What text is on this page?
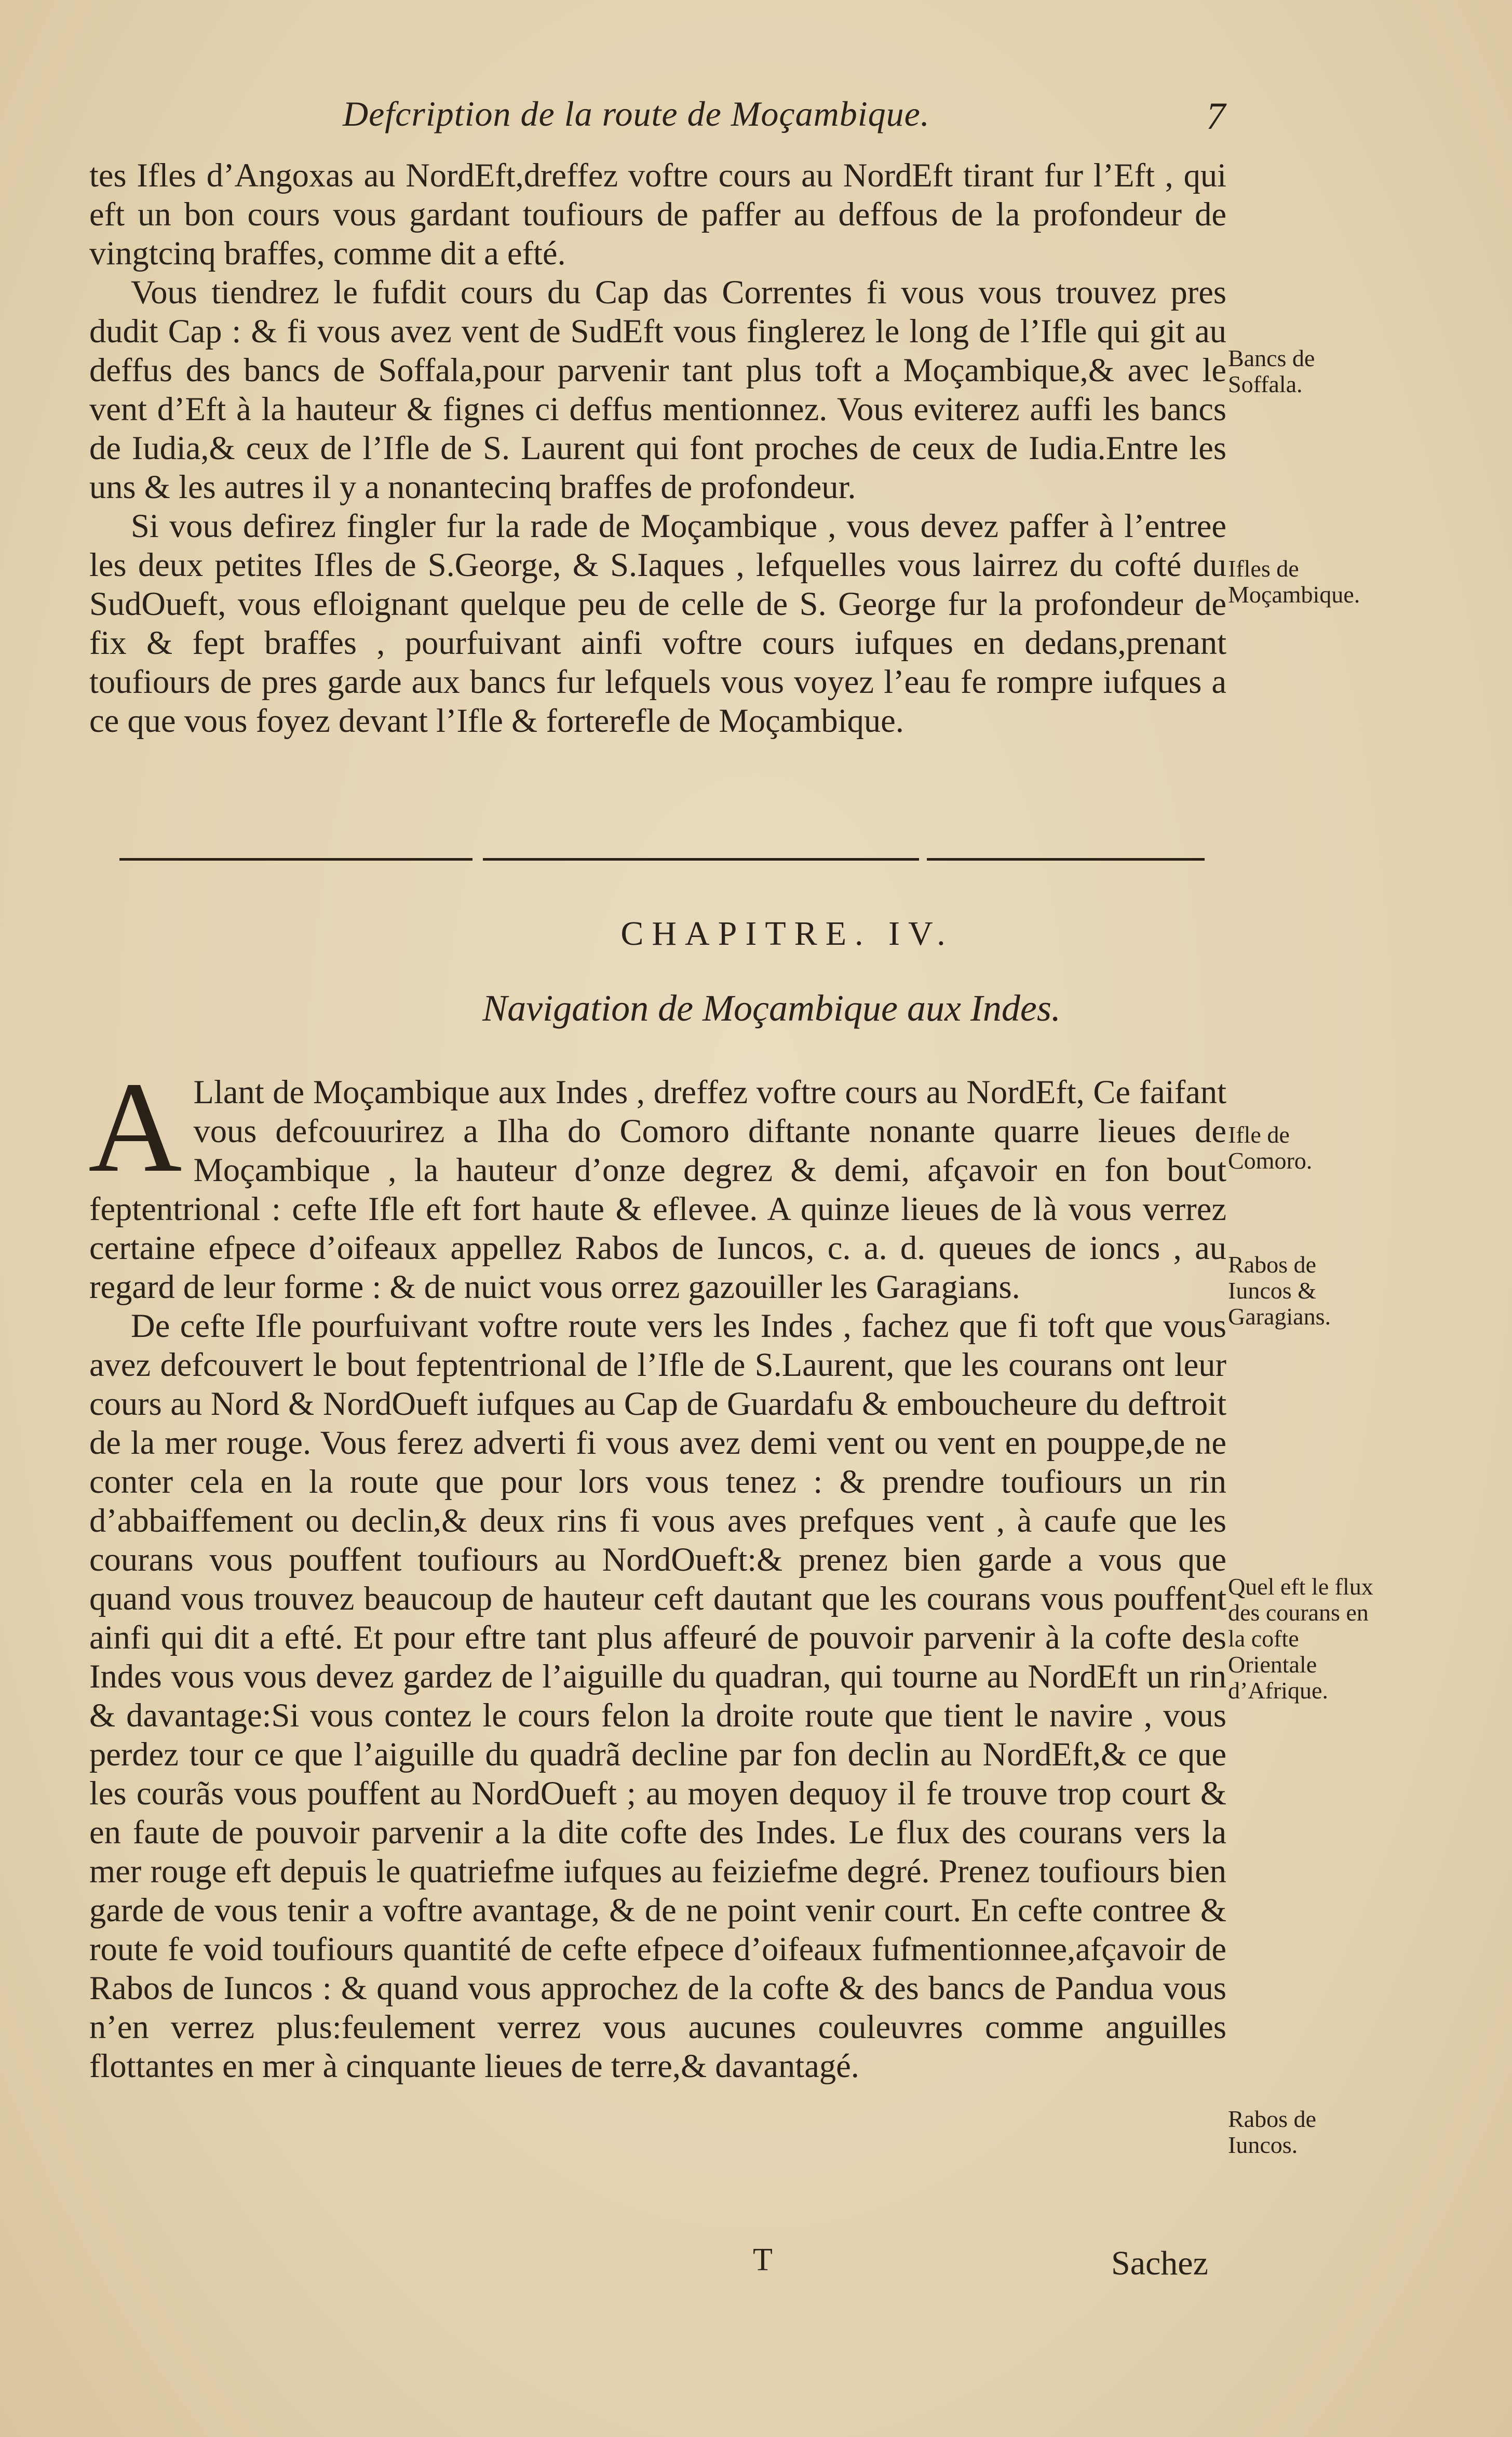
Defcription de la route de Moçambique.	7

tes Ifles d’Angoxas au NordEft,dreffez voftre cours au NordEft tirant fur l’Eft , qui eft un bon cours vous gardant toufiours de paffer au deffous de la profondeur de vingtcinq braffes, comme dit a efté.

Vous tiendrez le fufdit cours du Cap das Correntes fi vous vous trouvez pres dudit Cap : & fi vous avez vent de SudEft vous finglerez le long de l’Ifle qui git au deffus des bancs de Soffala,pour parvenir tant plus toft a Moçambique,& avec le vent d’Eft à la hauteur & fignes ci deffus mentionnez. Vous eviterez auffi les bancs de Iudia,& ceux de l’Ifle de S. Laurent qui font proches de ceux de Iudia.Entre les uns & les autres il y a nonantecinq braffes de profondeur.

Si vous defirez fingler fur la rade de Moçambique , vous devez paffer à l’entree les deux petites Ifles de S.George, & S.Iaques , lefquelles vous lairrez du cofté du SudOueft, vous efloignant quelque peu de celle de S. George fur la profondeur de fix & fept braffes , pourfuivant ainfi voftre cours iufques en dedans,prenant toufiours de pres garde aux bancs fur lefquels vous voyez l’eau fe rompre iufques a ce que vous foyez devant l’Ifle & forterefle de Moçambique.

Bancs de Soffala.
Ifles de Moçambique.
CHAPITRE. IV.
Navigation de Moçambique aux Indes.

A Llant de Moçambique aux Indes , dreffez voftre cours au NordEft, Ce faifant vous defcouurirez a Ilha do Comoro diftante nonante quarre lieues de Moçambique , la hauteur d’onze degrez & demi, afçavoir en fon bout feptentrional : cefte Ifle eft fort haute & eflevee. A quinze lieues de là vous verrez certaine efpece d’oifeaux appellez Rabos de Iuncos, c. a. d. queues de ioncs , au regard de leur forme : & de nuict vous orrez gazouiller les Garagians.

De cefte Ifle pourfuivant voftre route vers les Indes , fachez que fi toft que vous avez defcouvert le bout feptentrional de l’Ifle de S.Laurent, que les courans ont leur cours au Nord & NordOueft iufques au Cap de Guardafu & emboucheure du deftroit de la mer rouge. Vous ferez adverti fi vous avez demi vent ou vent en pouppe,de ne conter cela en la route que pour lors vous tenez : & prendre toufiours un rin d’abbaiffement ou declin,& deux rins fi vous aves prefques vent , à caufe que les courans vous pouffent toufiours au NordOueft:& prenez bien garde a vous que quand vous trouvez beaucoup de hauteur ceft dautant que les courans vous pouffent ainfi qui dit a efté. Et pour eftre tant plus affeuré de pouvoir parvenir à la cofte des Indes vous vous devez gardez de l’aiguille du quadran, qui tourne au NordEft un rin & davantage:Si vous contez le cours felon la droite route que tient le navire , vous perdez tour ce que l’aiguille du quadrã decline par fon declin au NordEft,& ce que les courãs vous pouffent au NordOueft ; au moyen dequoy il fe trouve trop court & en faute de pouvoir parvenir a la dite cofte des Indes. Le flux des courans vers la mer rouge eft depuis le quatriefme iufques au feiziefme degré. Prenez toufiours bien garde de vous tenir a voftre avantage, & de ne point venir court. En cefte contree & route fe void toufiours quantité de cefte efpece d’oifeaux fufmentionnee,afçavoir de Rabos de Iuncos : & quand vous approchez de la cofte & des bancs de Pandua vous n’en verrez plus:feulement verrez vous aucunes couleuvres comme anguilles flottantes en mer à cinquante lieues de terre,& davantagé.

Ifle de Comoro.
Rabos de Iuncos & Garagians.
Quel eft le flux des courans en la cofte Orientale d’Afrique.
Rabos de Iuncos.
T	Sachez
